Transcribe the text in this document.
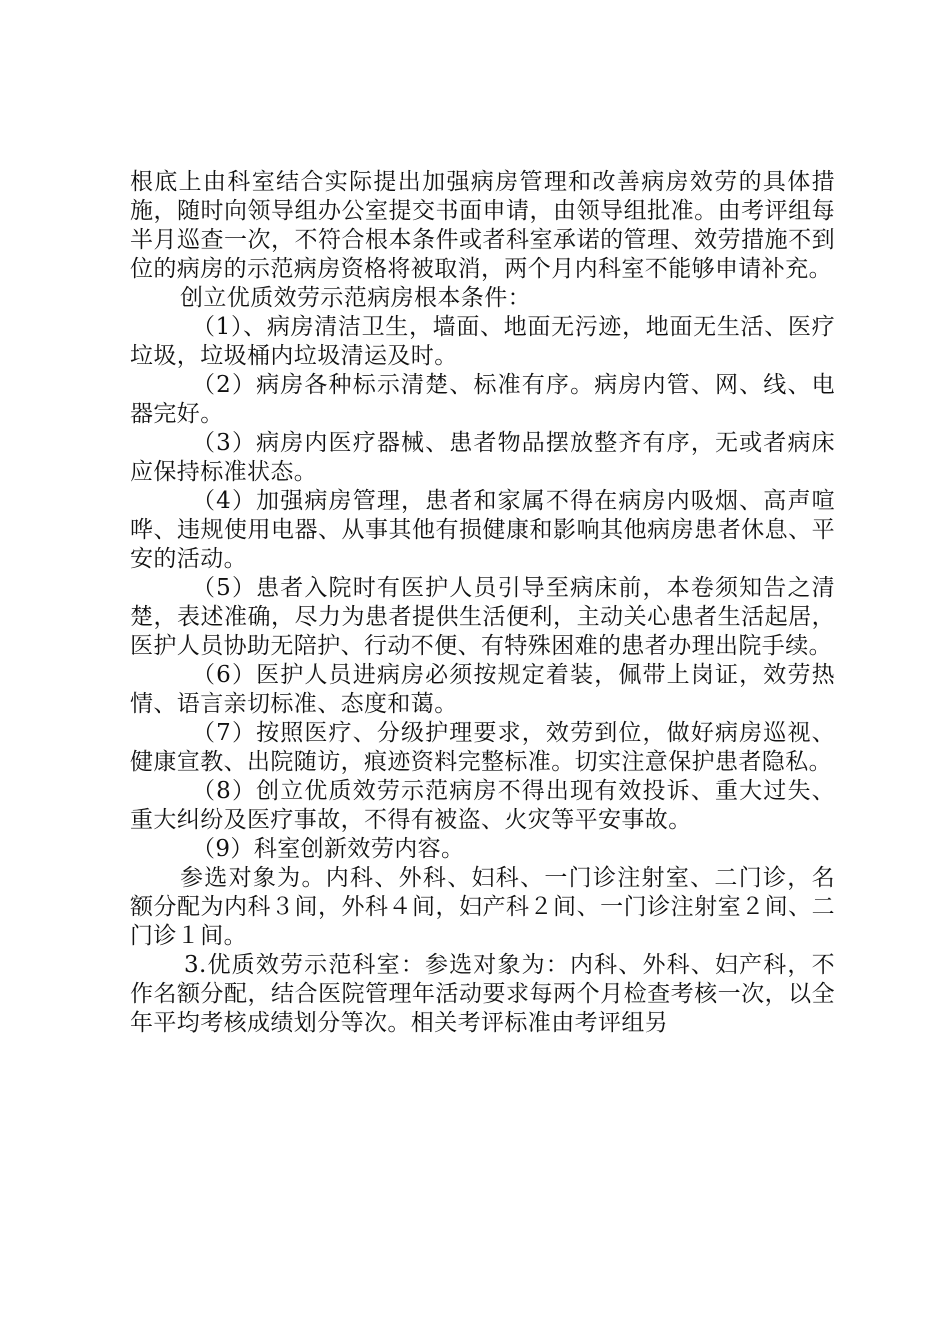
根底上由科室结合实际提出加强病房管理和改善病房效劳的具体措施，随时向领导组办公室提交书面申请，由领导组批准。由考评组每半月巡查一次，不符合根本条件或者科室承诺的管理、效劳措施不到位的病房的示范病房资格将被取消，两个月内科室不能够申请补充。

创立优质效劳示范病房根本条件：

（1）、病房清洁卫生，墙面、地面无污迹，地面无生活、医疗垃圾，垃圾桶内垃圾清运及时。

（2）病房各种标示清楚、标准有序。病房内管、网、线、电器完好。

（3）病房内医疗器械、患者物品摆放整齐有序，无或者病床应保持标准状态。

（4）加强病房管理，患者和家属不得在病房内吸烟、高声喧哗、违规使用电器、从事其他有损健康和影响其他病房患者休息、平安的活动。

（5）患者入院时有医护人员引导至病床前，本卷须知告之清楚，表述准确，尽力为患者提供生活便利，主动关心患者生活起居，医护人员协助无陪护、行动不便、有特殊困难的患者办理出院手续。

（6）医护人员进病房必须按规定着装，佩带上岗证，效劳热情、语言亲切标准、态度和蔼。

（7）按照医疗、分级护理要求，效劳到位，做好病房巡视、健康宣教、出院随访，痕迹资料完整标准。切实注意保护患者隐私。

（8）创立优质效劳示范病房不得出现有效投诉、重大过失、重大纠纷及医疗事故，不得有被盗、火灾等平安事故。

（9）科室创新效劳内容。

参选对象为。内科、外科、妇科、一门诊注射室、二门诊，名额分配为内科３间，外科４间，妇产科２间、一门诊注射室２间、二门诊１间。

3.优质效劳示范科室：参选对象为：内科、外科、妇产科，不作名额分配，结合医院管理年活动要求每两个月检查考核一次，以全年平均考核成绩划分等次。相关考评标准由考评组另
